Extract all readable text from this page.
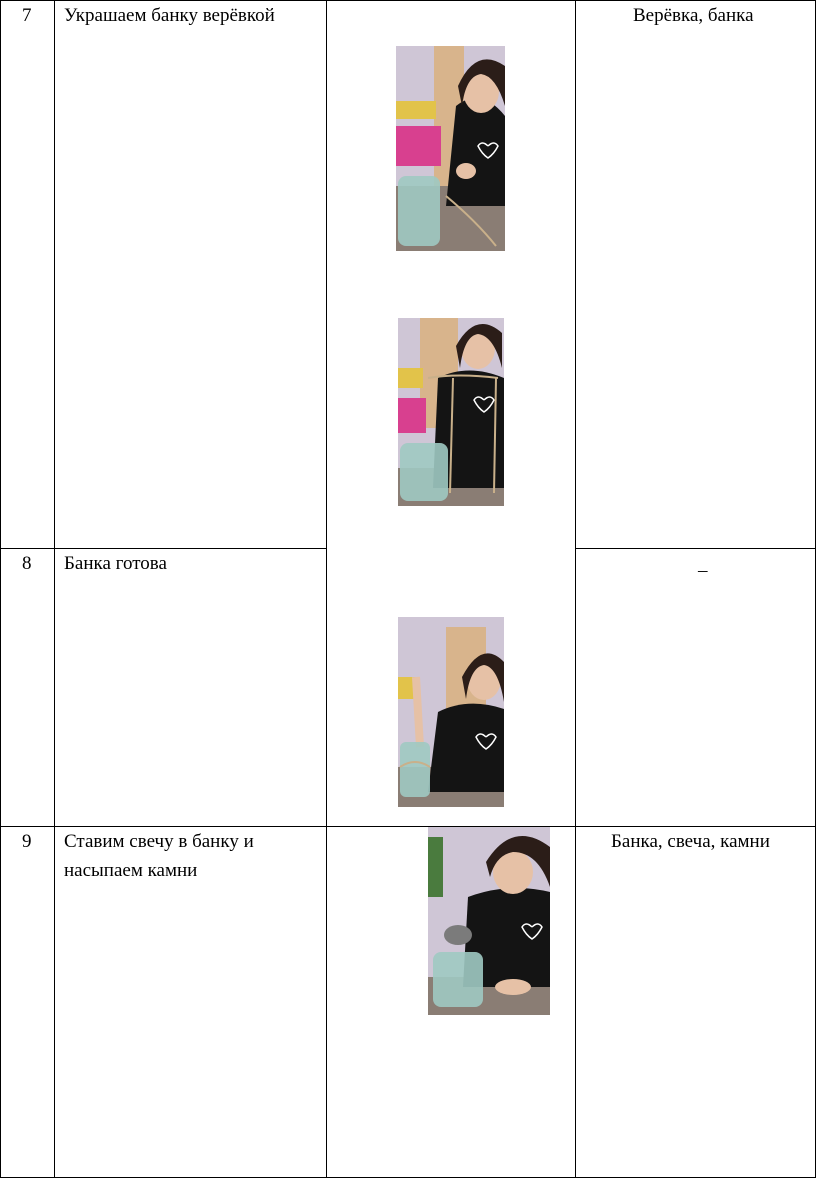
7 Украшаем банку верёвкой	Верёвка, банка
8 Банка готова	–
9 Ставим свечу в банку и
насыпаем камни
Банка, свеча, камни
